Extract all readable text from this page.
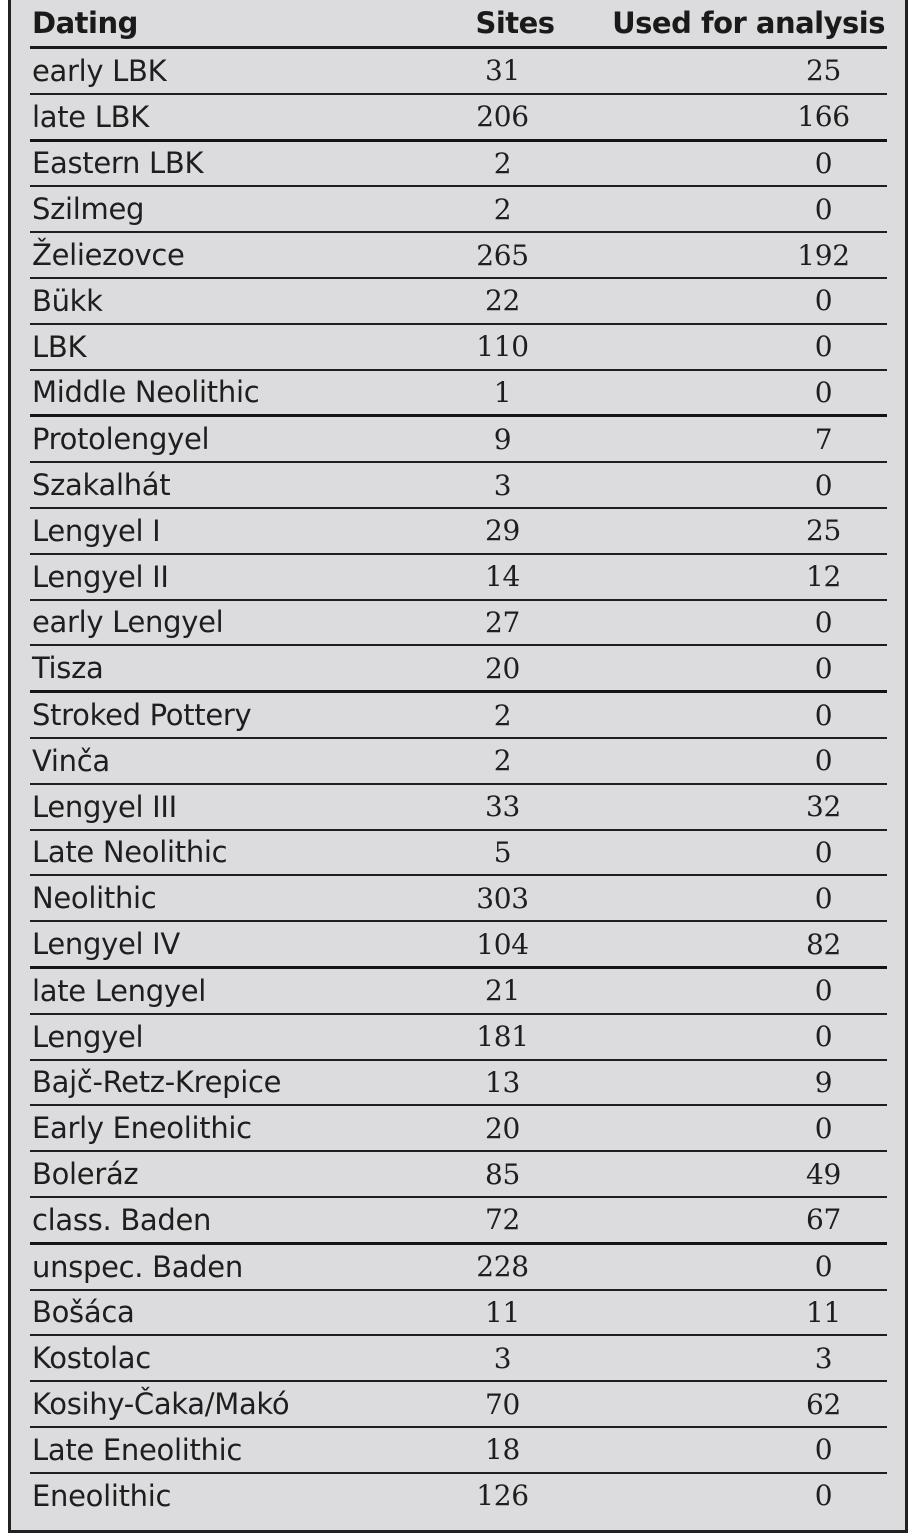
Dating	Sites	Used for analysis
early LBK	31	25
late LBK	206	166
Eastern LBK	2	0
Szilmeg	2	0
Želiezovce	265	192
Bükk	22	0
LBK	110	0
Middle Neolithic	1	0
Protolengyel	9	7
Szakalhát	3	0
Lengyel I	29	25
Lengyel II	14	12
early Lengyel	27	0
Tisza	20	0
Stroked Pottery	2	0
Vinča	2	0
Lengyel III	33	32
Late Neolithic	5	0
Neolithic	303	0
Lengyel IV	104	82
late Lengyel	21	0
Lengyel	181	0
Bajč-Retz-Krepice	13	9
Early Eneolithic	20	0
Boleráz	85	49
class. Baden	72	67
unspec. Baden	228	0
Bošáca	11	11
Kostolac	3	3
Kosihy-Čaka/Makó	70	62
Late Eneolithic	18	0
Eneolithic	126	0
